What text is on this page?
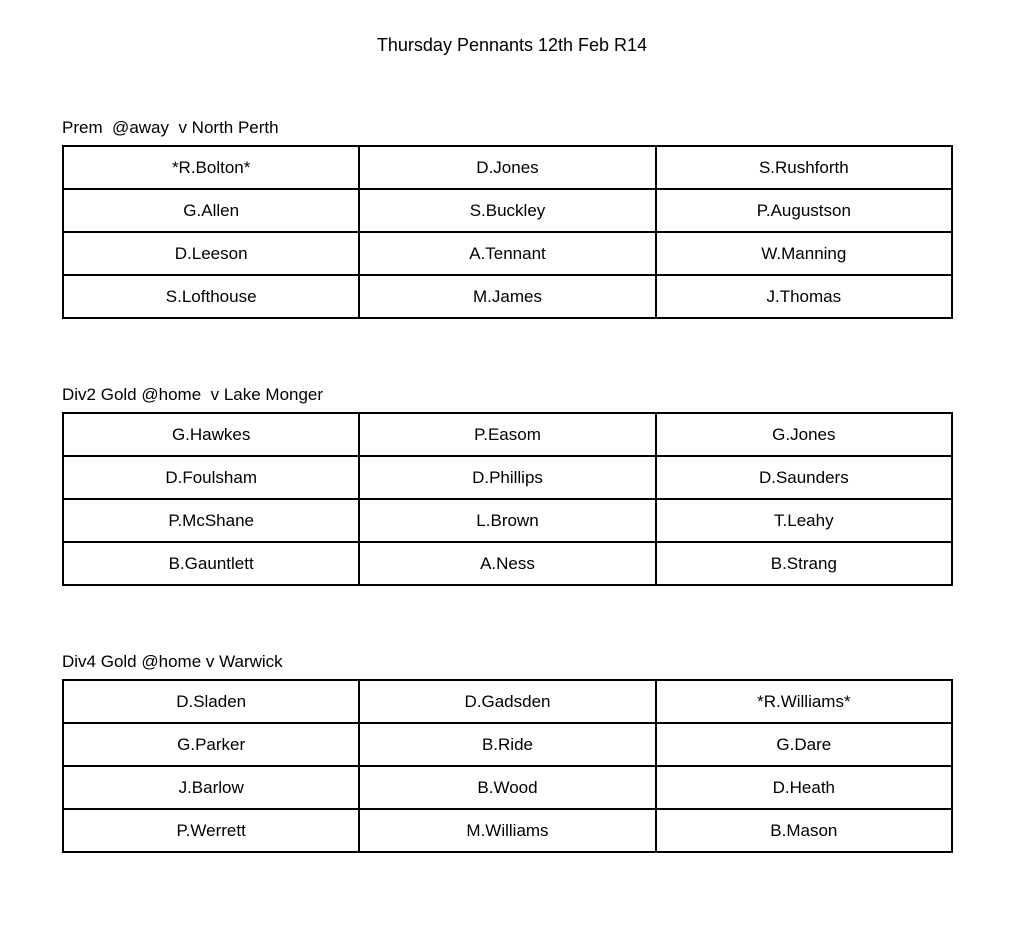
Thursday Pennants 12th Feb R14
Prem  @away  v North Perth
*R.Bolton*	D.Jones	S.Rushforth
G.Allen	S.Buckley	P.Augustson
D.Leeson	A.Tennant	W.Manning
S.Lofthouse	M.James	J.Thomas
Div2 Gold @home  v Lake Monger
G.Hawkes	P.Easom	G.Jones
D.Foulsham	D.Phillips	D.Saunders
P.McShane	L.Brown	T.Leahy
B.Gauntlett	A.Ness	B.Strang
Div4 Gold @home v Warwick
D.Sladen	D.Gadsden	*R.Williams*
G.Parker	B.Ride	G.Dare
J.Barlow	B.Wood	D.Heath
P.Werrett	M.Williams	B.Mason
